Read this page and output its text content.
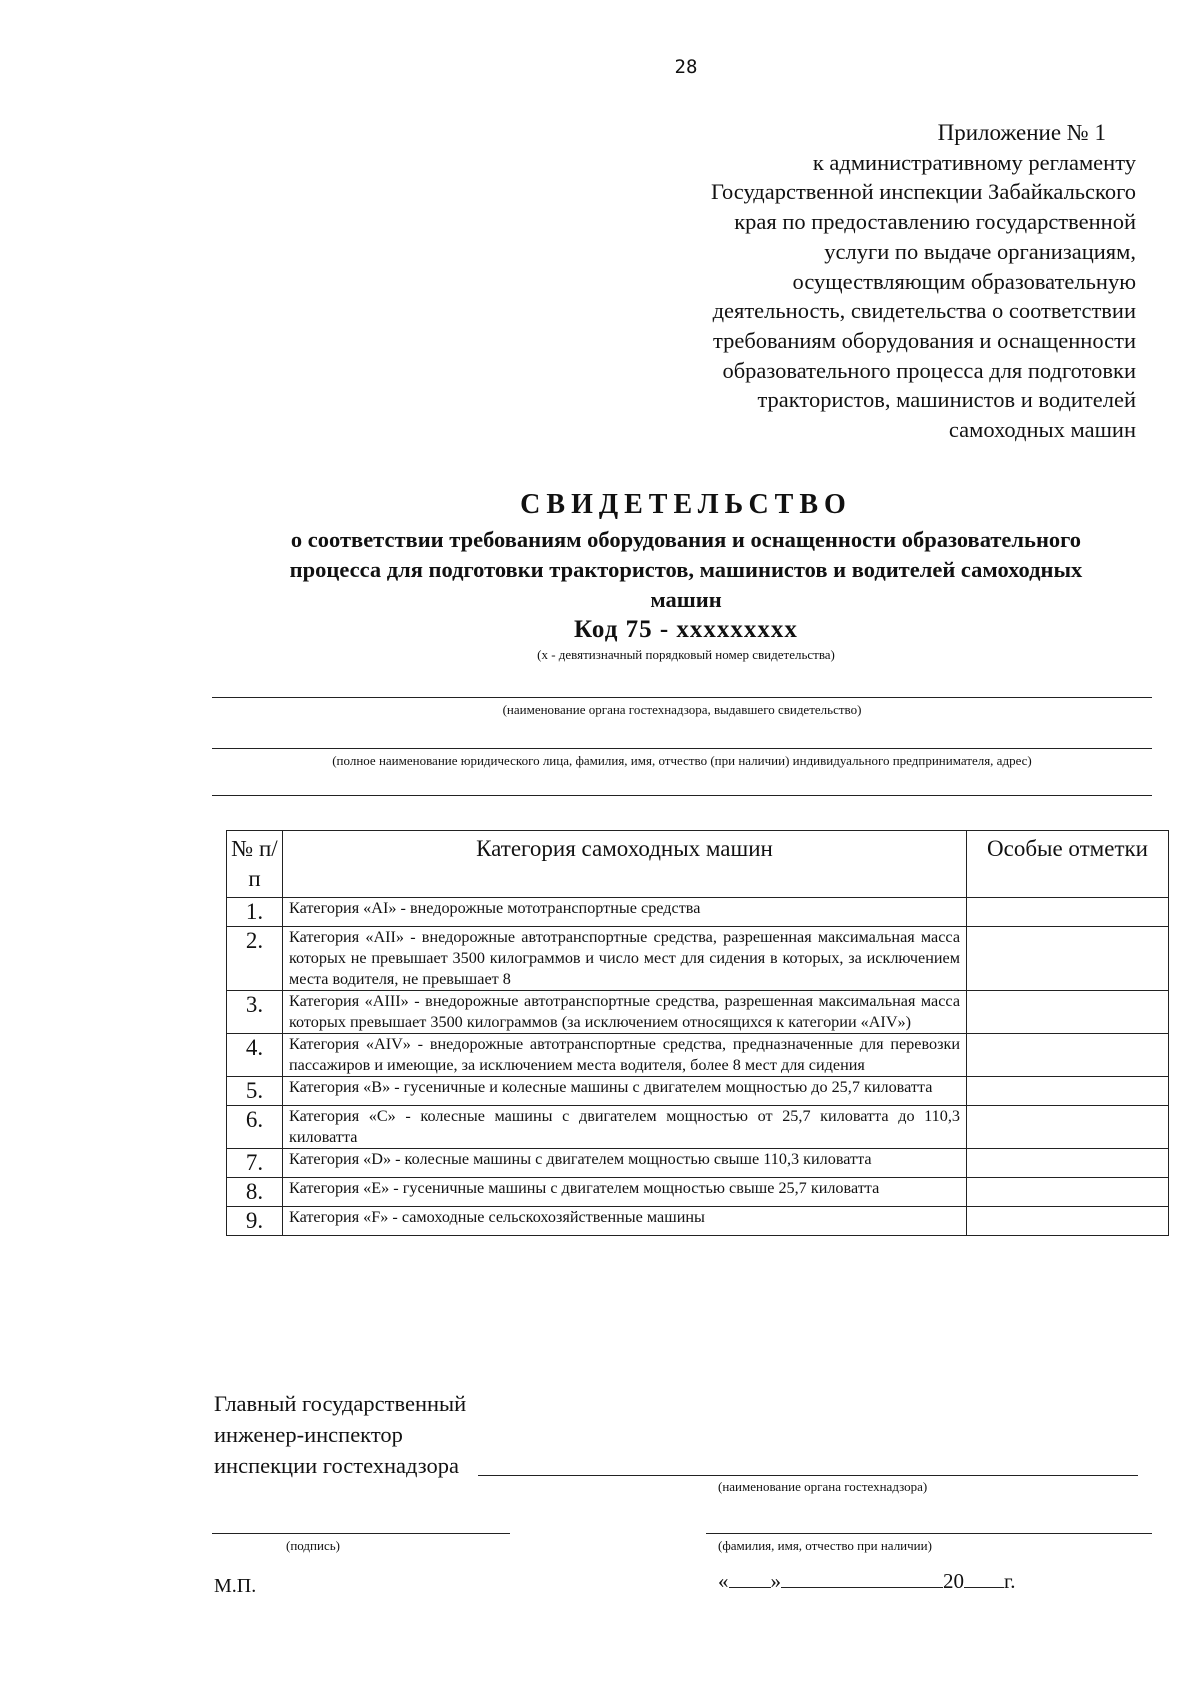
28
Приложение № 1
к административному регламенту
Государственной инспекции Забайкальского
края по предоставлению государственной
услуги по выдаче организациям,
осуществляющим образовательную
деятельность, свидетельства о соответствии
требованиям оборудования и оснащенности
образовательного процесса для подготовки
трактористов, машинистов и водителей
самоходных машин
СВИДЕТЕЛЬСТВО
о соответствии требованиям оборудования и оснащенности образовательного
процесса для подготовки трактористов, машинистов и водителей самоходных
машин
Код 75 - ххххххххх
(х - девятизначный порядковый номер свидетельства)
(наименование органа гостехнадзора, выдавшего свидетельство)
(полное наименование юридического лица, фамилия, имя, отчество (при наличии) индивидуального предпринимателя, адрес)
№ п/п	Категория самоходных машин	Особые отметки
1.	Категория «AI» - внедорожные мототранспортные средства	
2.	Категория «AII» - внедорожные автотранспортные средства, разрешенная максимальная масса которых не превышает 3500 килограммов и число мест для сидения в которых, за исключением места водителя, не превышает 8	
3.	Категория «AIII» - внедорожные автотранспортные средства, разрешенная максимальная масса которых превышает 3500 килограммов (за исключением относящихся к категории «AIV»)	
4.	Категория «AIV» - внедорожные автотранспортные средства, предназначенные для перевозки пассажиров и имеющие, за исключением места водителя, более 8 мест для сидения	
5.	Категория «B» - гусеничные и колесные машины с двигателем мощностью до 25,7 киловатта	
6.	Категория «C» - колесные машины с двигателем мощностью от 25,7 киловатта до 110,3 киловатта	
7.	Категория «D» - колесные машины с двигателем мощностью свыше 110,3 киловатта	
8.	Категория «E» - гусеничные машины с двигателем мощностью свыше 25,7 киловатта	
9.	Категория «F» - самоходные сельскохозяйственные машины	
Главный государственный
инженер-инспектор
инспекции гостехнадзора
(наименование органа гостехнадзора)
(подпись)	(фамилия, имя, отчество при наличии)
М.П.	« »	20 г.
